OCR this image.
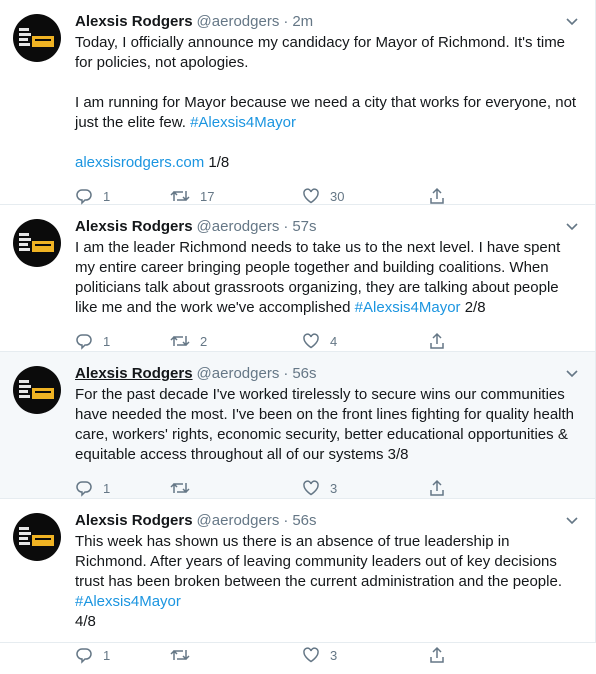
Alexsis Rodgers @aerodgers · 2m
Today, I officially announce my candidacy for Mayor of Richmond. It's time for policies, not apologies.

I am running for Mayor because we need a city that works for everyone, not just the elite few. #Alexsis4Mayor

alexsisrodgers.com 1/8
1	17	30
Alexsis Rodgers @aerodgers · 57s
I am the leader Richmond needs to take us to the next level. I have spent my entire career bringing people together and building coalitions. When politicians talk about grassroots organizing, they are talking about people like me and the work we've accomplished #Alexsis4Mayor 2/8
1	2	4
Alexsis Rodgers @aerodgers · 56s
For the past decade I've worked tirelessly to secure wins our communities have needed the most. I've been on the front lines fighting for quality health care, workers' rights, economic security, better educational opportunities & equitable access throughout all of our systems 3/8
1	3
Alexsis Rodgers @aerodgers · 56s
This week has shown us there is an absence of true leadership in Richmond. After years of leaving community leaders out of key decisions trust has been broken between the current administration and the people. #Alexsis4Mayor
4/8
1	3
